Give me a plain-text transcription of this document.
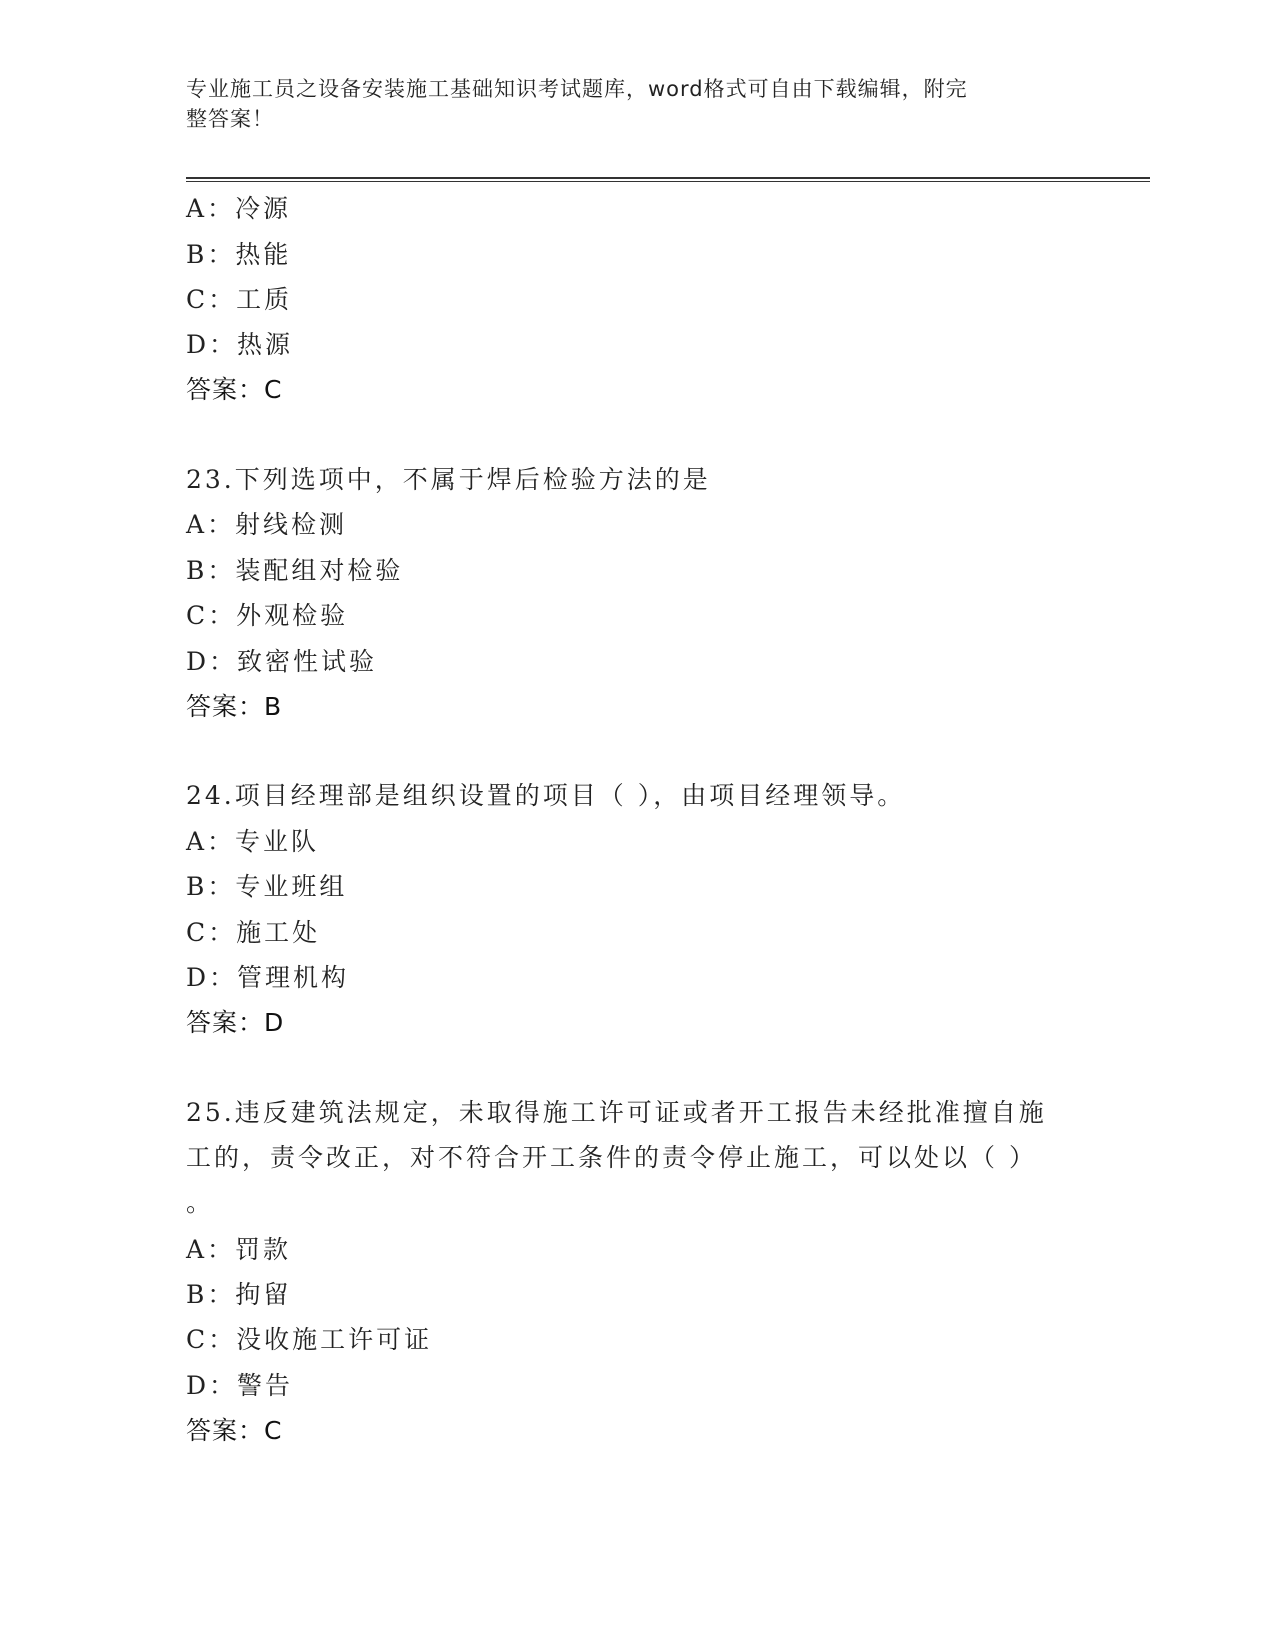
专业施工员之设备安装施工基础知识考试题库，word格式可自由下载编辑，附完
整答案！
A：冷源
B：热能
C：工质
D：热源
答案：C
23.下列选项中，不属于焊后检验方法的是
A：射线检测
B：装配组对检验
C：外观检验
D：致密性试验
答案：B
24.项目经理部是组织设置的项目（ ），由项目经理领导。
A：专业队
B：专业班组
C：施工处
D：管理机构
答案：D
25.违反建筑法规定，未取得施工许可证或者开工报告未经批准擅自施
工的，责令改正，对不符合开工条件的责令停止施工，可以处以（ ）
。
A：罚款
B：拘留
C：没收施工许可证
D：警告
答案：C
